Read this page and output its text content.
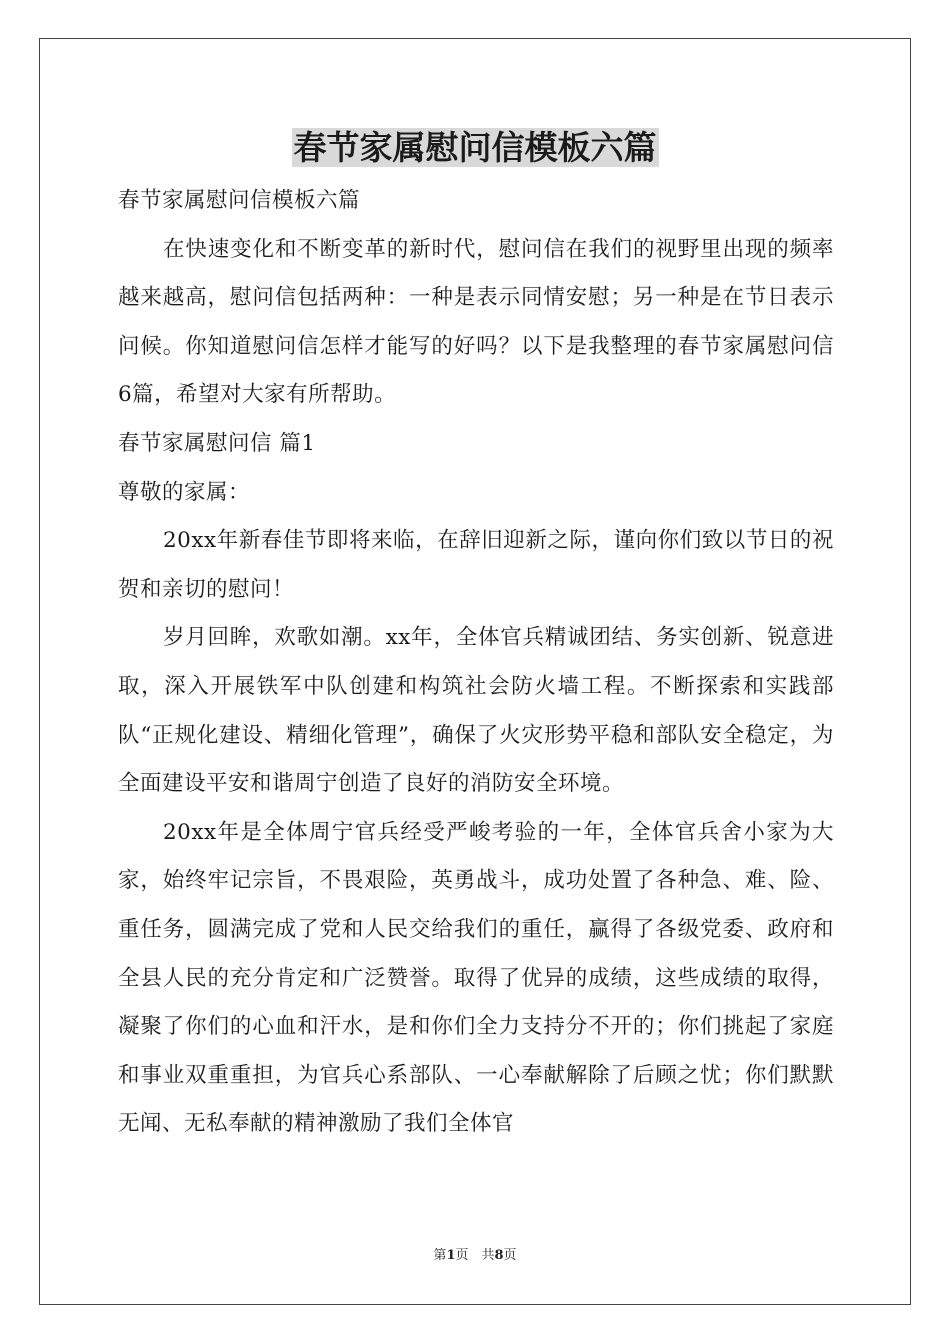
春节家属慰问信模板六篇

春节家属慰问信模板六篇

在快速变化和不断变革的新时代，慰问信在我们的视野里出现的频率越来越高，慰问信包括两种：一种是表示同情安慰；另一种是在节日表示问候。你知道慰问信怎样才能写的好吗？以下是我整理的春节家属慰问信6篇，希望对大家有所帮助。

春节家属慰问信 篇1

尊敬的家属：

20xx年新春佳节即将来临，在辞旧迎新之际，谨向你们致以节日的祝贺和亲切的慰问！

岁月回眸，欢歌如潮。xx年，全体官兵精诚团结、务实创新、锐意进取，深入开展铁军中队创建和构筑社会防火墙工程。不断探索和实践部队“正规化建设、精细化管理”，确保了火灾形势平稳和部队安全稳定，为全面建设平安和谐周宁创造了良好的消防安全环境。

20xx年是全体周宁官兵经受严峻考验的一年，全体官兵舍小家为大家，始终牢记宗旨，不畏艰险，英勇战斗，成功处置了各种急、难、险、重任务，圆满完成了党和人民交给我们的重任，赢得了各级党委、政府和全县人民的充分肯定和广泛赞誉。取得了优异的成绩，这些成绩的取得，凝聚了你们的心血和汗水，是和你们全力支持分不开的；你们挑起了家庭和事业双重重担，为官兵心系部队、一心奉献解除了后顾之忧；你们默默无闻、无私奉献的精神激励了我们全体官

第1页　共8页
